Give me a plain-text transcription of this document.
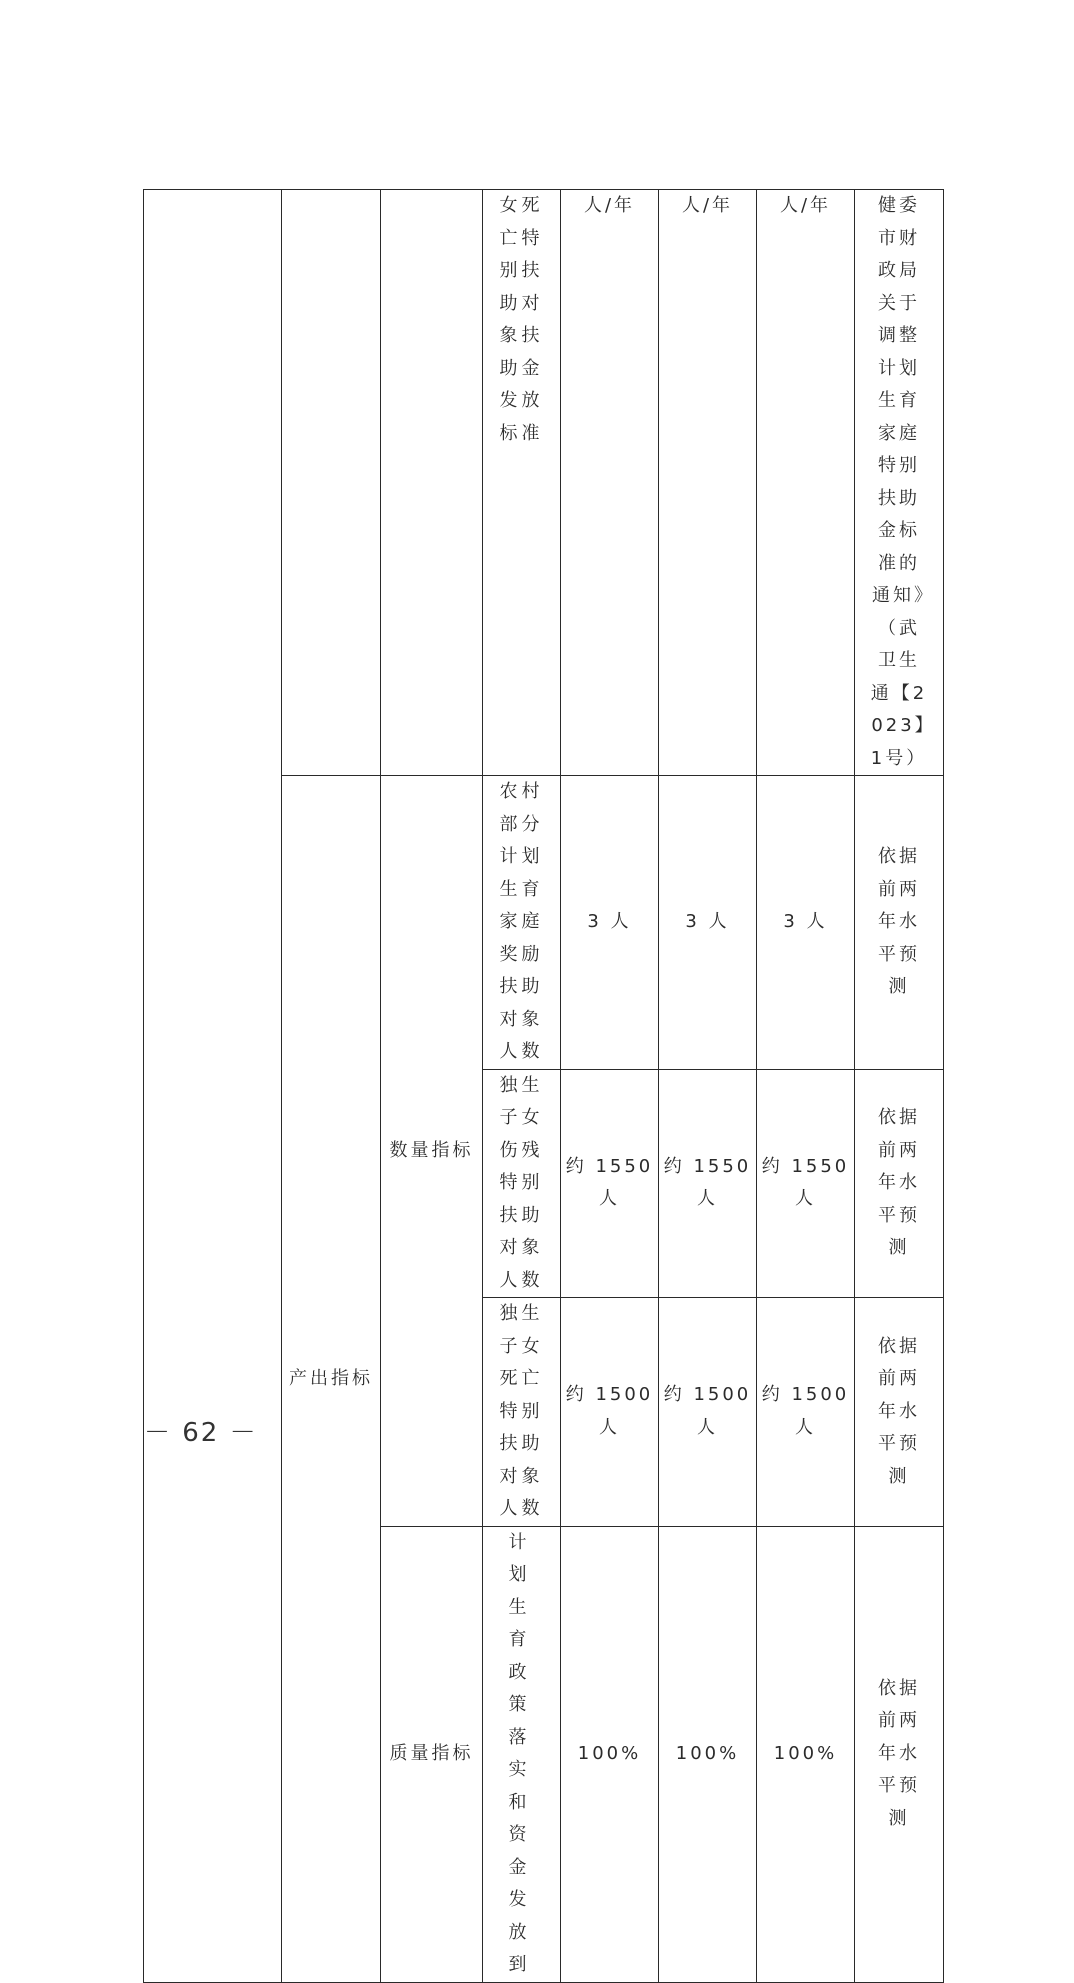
			女死亡特别扶助对象扶助金发放标准	人/年	人/年	人/年	健委 市财政局关于调整计划生育家庭特别扶助金标准的通知》（武卫生通【2023】1号）

	产出指标	数量指标	农村部分计划生育家庭奖励扶助对象人数	3 人	3 人	3 人	依据前两年水平预测

			独生子女伤残特别扶助对象人数	约 1550 人	约 1550 人	约 1550 人	依据前两年水平预测

			独生子女死亡特别扶助对象人数	约 1500 人	约 1500 人	约 1500 人	依据前两年水平预测

		质量指标	计划生育政策落实和资金发放到	100%	100%	100%	依据前两年水平预测
－ 62 －
